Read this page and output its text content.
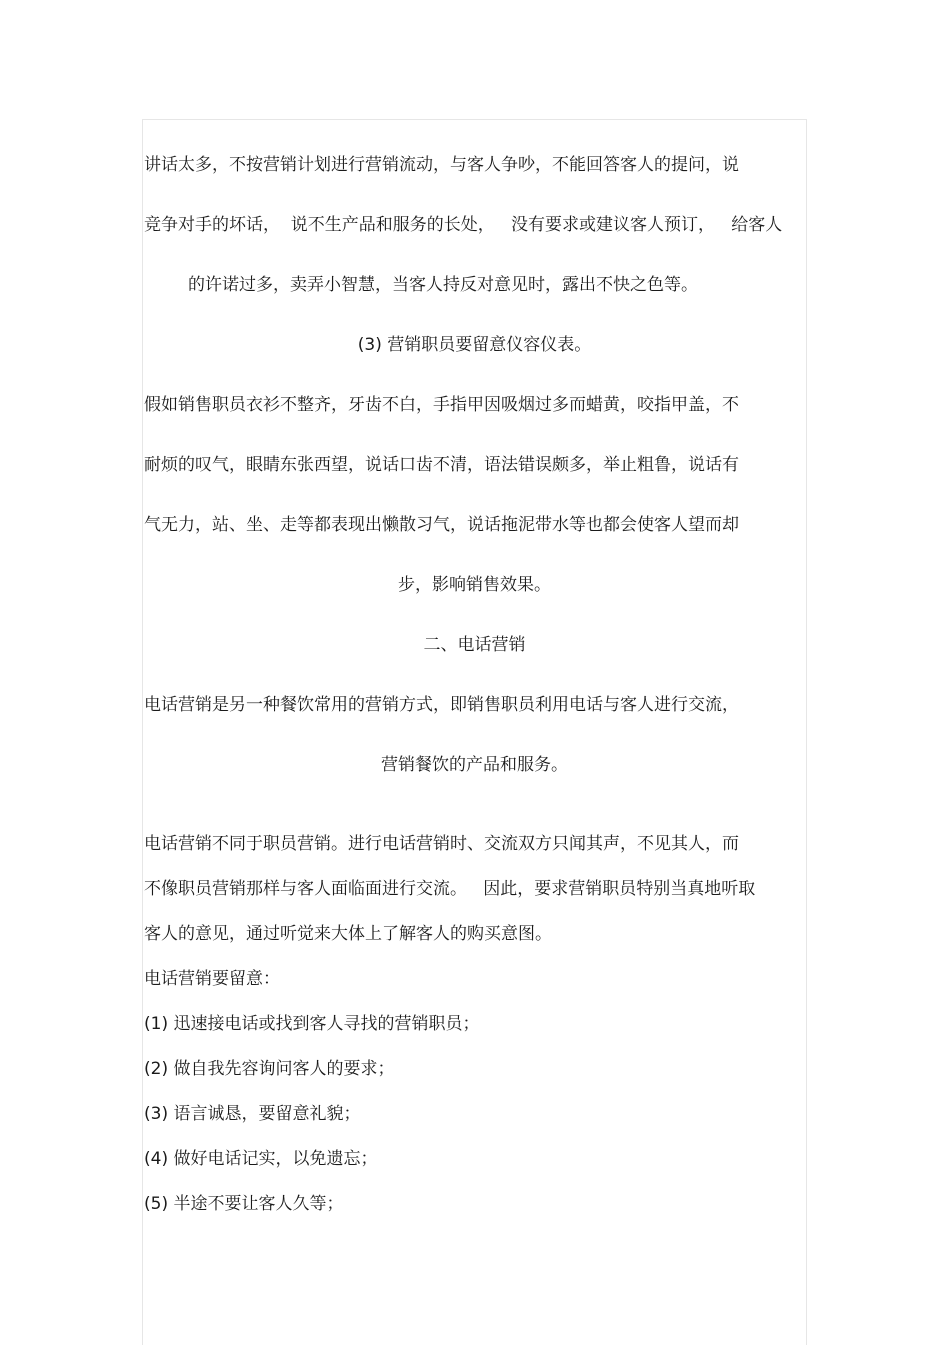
讲话太多，不按营销计划进行营销流动，与客人争吵，不能回答客人的提问，说

竞争对手的坏话，  说不生产品和服务的长处，   没有要求或建议客人预订，   给客人

的许诺过多，卖弄小智慧，当客人持反对意见时，露出不快之色等。

(3) 营销职员要留意仪容仪表。

假如销售职员衣衫不整齐，牙齿不白，手指甲因吸烟过多而蜡黄，咬指甲盖，不

耐烦的叹气，眼睛东张西望，说话口齿不清，语法错误颇多，举止粗鲁，说话有

气无力，站、坐、走等都表现出懒散习气，说话拖泥带水等也都会使客人望而却

步，影响销售效果。

二、电话营销

电话营销是另一种餐饮常用的营销方式，即销售职员利用电话与客人进行交流，

营销餐饮的产品和服务。

电话营销不同于职员营销。进行电话营销时、交流双方只闻其声，不见其人，而

不像职员营销那样与客人面临面进行交流。   因此，要求营销职员特别当真地听取

客人的意见，通过听觉来大体上了解客人的购买意图。

电话营销要留意：

(1) 迅速接电话或找到客人寻找的营销职员；

(2) 做自我先容询问客人的要求；

(3) 语言诚恳，要留意礼貌；

(4) 做好电话记实，以免遗忘；

(5) 半途不要让客人久等；
